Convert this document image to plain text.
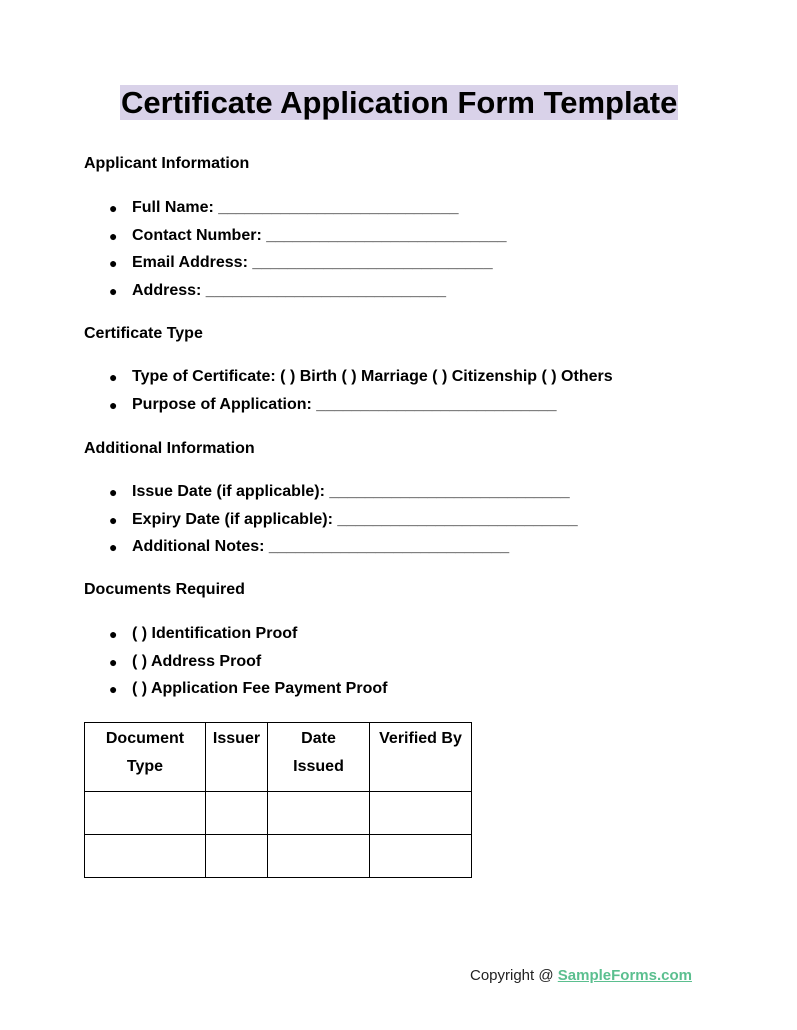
Certificate Application Form Template
Applicant Information
● Full Name: ___________________________
● Contact Number: ___________________________
● Email Address: ___________________________
● Address: ___________________________
Certificate Type
● Type of Certificate: ( ) Birth ( ) Marriage ( ) Citizenship ( ) Others
● Purpose of Application: ___________________________
Additional Information
● Issue Date (if applicable): ___________________________
● Expiry Date (if applicable): ___________________________
● Additional Notes: ___________________________
Documents Required
● ( ) Identification Proof
● ( ) Address Proof
● ( ) Application Fee Payment Proof
Document Type	Issuer	Date Issued	Verified By

Copyright @ SampleForms.com
